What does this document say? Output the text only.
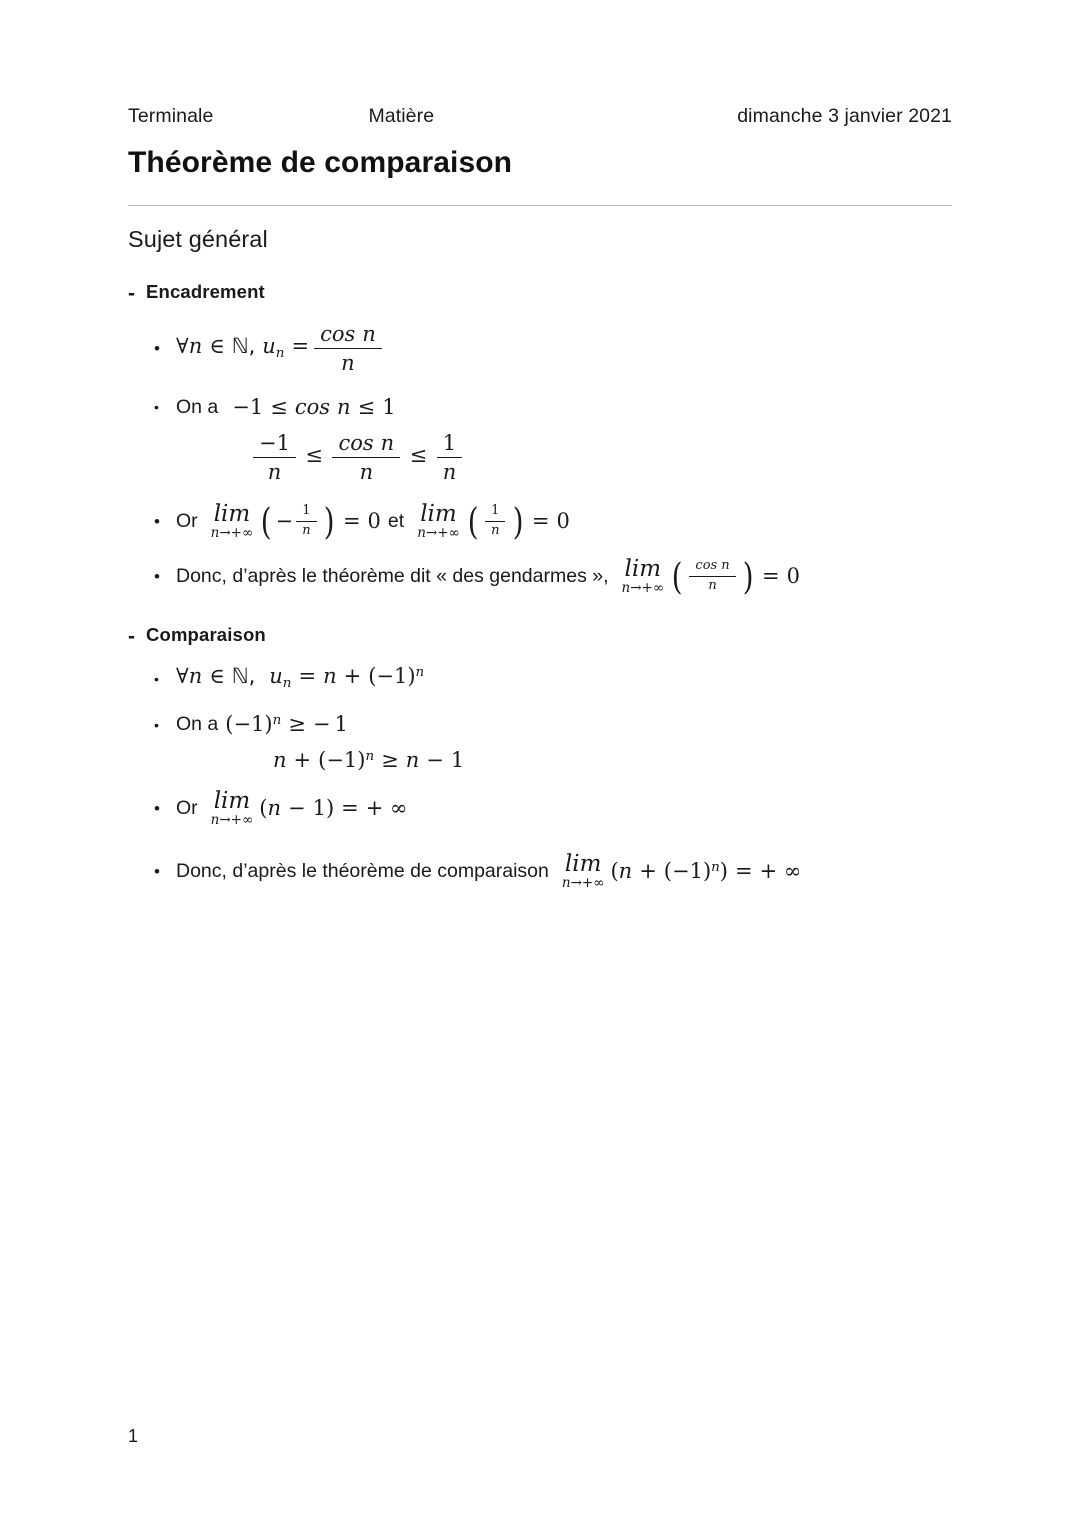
Terminale	Matière	dimanche 3 janvier 2021
Théorème de comparaison
Sujet général
- Encadrement
• ∀n ∈ ℕ, $u_n = \frac{\text{cos n}}{n}$
• On a −1 ≤ cos n ≤ 1
$\frac{-1}{n} \le \frac{\text{cos n}}{n} \le \frac{1}{n}$
• Or lim
n→+∞ ( − $\frac{1}{n}$ ) = 0 et lim
n→+∞ ( $\frac{1}{n}$ ) = 0
• Donc, d’après le théorème dit « des gendarmes », lim
n→+∞ ( $\frac{\text{cos n}}{n}$ ) = 0
- Comparaison
• ∀n ∈ ℕ, $u_n = n + (-1)^n$
• On a $(-1)^n$ ≥ − 1
$n + (-1)^n \ge n - 1$
• Or lim
n→+∞ (n − 1) = + ∞
• Donc, d’après le théorème de comparaison lim
n→+∞ $(n + (-1)^n)$ = + ∞
1
